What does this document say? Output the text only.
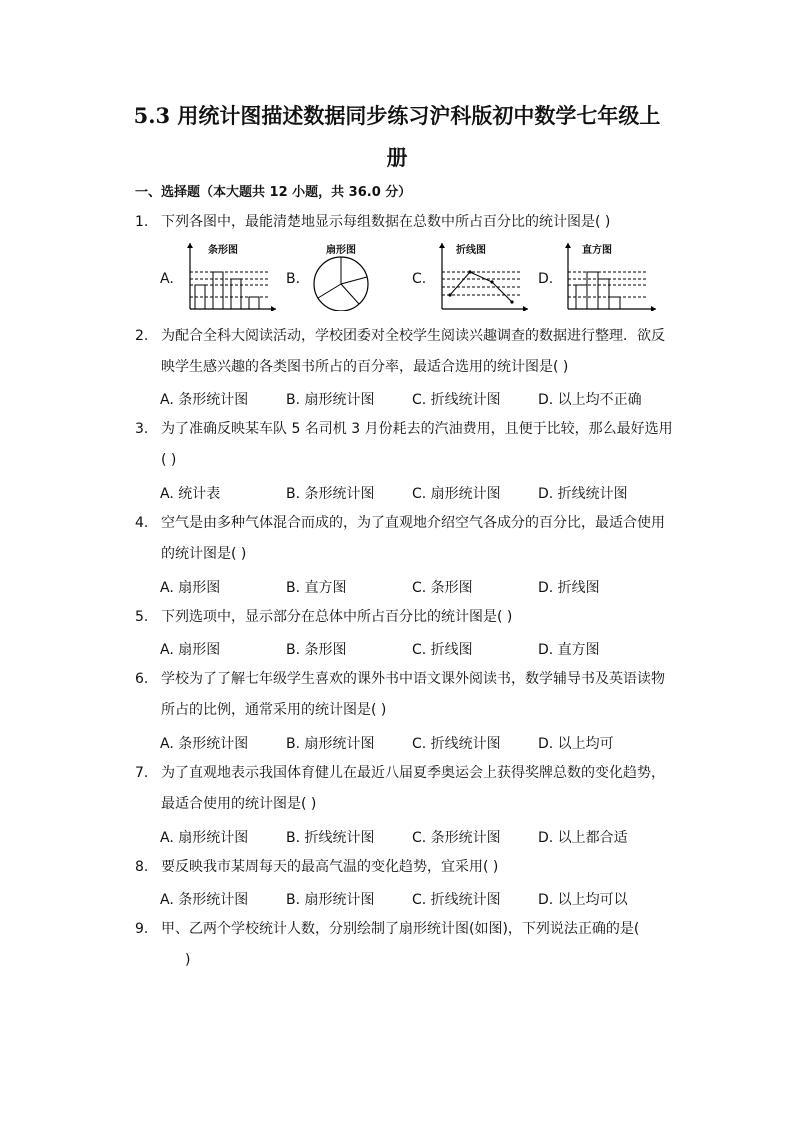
5.3 用统计图描述数据同步练习沪科版初中数学七年级上
册
一、选择题（本大题共 12 小题，共 36.0 分）
1. 下列各图中，最能清楚地显示每组数据在总数中所占百分比的统计图是( )
A.
条形图
B.
扇形图
C.
折线图
D.
直方图
2. 为配合全科大阅读活动，学校团委对全校学生阅读兴趣调查的数据进行整理．欲反
映学生感兴趣的各类图书所占的百分率，最适合选用的统计图是( )
A. 条形统计图	B. 扇形统计图	C. 折线统计图	D. 以上均不正确
3. 为了准确反映某车队 5 名司机 3 月份耗去的汽油费用，且便于比较，那么最好选用
( )
A. 统计表	B. 条形统计图	C. 扇形统计图	D. 折线统计图
4. 空气是由多种气体混合而成的，为了直观地介绍空气各成分的百分比，最适合使用
的统计图是( )
A. 扇形图	B. 直方图	C. 条形图	D. 折线图
5. 下列选项中，显示部分在总体中所占百分比的统计图是( )
A. 扇形图	B. 条形图	C. 折线图	D. 直方图
6. 学校为了了解七年级学生喜欢的课外书中语文课外阅读书，数学辅导书及英语读物
所占的比例，通常采用的统计图是( )
A. 条形统计图	B. 扇形统计图	C. 折线统计图	D. 以上均可
7. 为了直观地表示我国体育健儿在最近八届夏季奥运会上获得奖牌总数的变化趋势，
最适合使用的统计图是( )
A. 扇形统计图	B. 折线统计图	C. 条形统计图	D. 以上都合适
8. 要反映我市某周每天的最高气温的变化趋势，宜采用( )
A. 条形统计图	B. 扇形统计图	C. 折线统计图	D. 以上均可以
9. 甲、乙两个学校统计人数，分别绘制了扇形统计图(如图)，下列说法正确的是(
)
